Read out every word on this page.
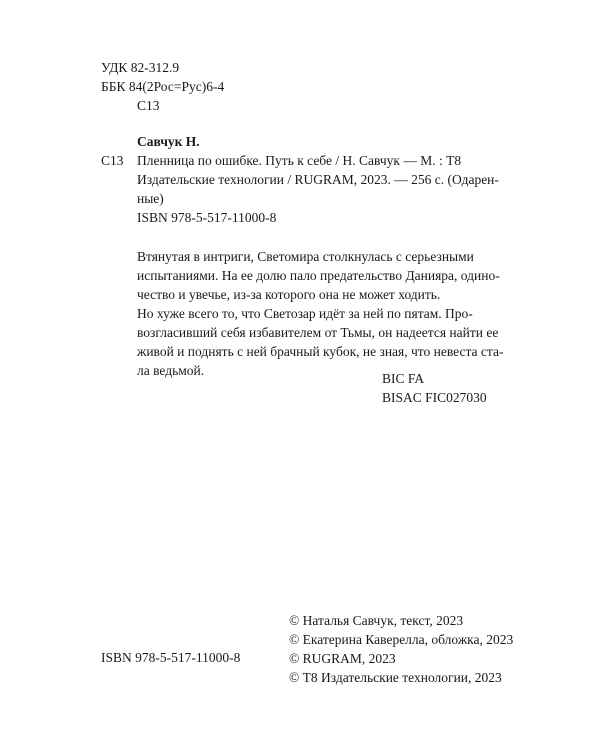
УДК 82-312.9
ББК 84(2Рос=Рус)6-4
С13
Савчук Н.
С13 Пленница по ошибке. Путь к себе / Н. Савчук — М. : Т8
Издательские технологии / RUGRAM, 2023. — 256 с. (Одарен-
ные)
ISBN 978-5-517-11000-8

Втянутая в интриги, Светомира столкнулась с серьезными
испытаниями. На ее долю пало предательство Данияра, одино-
чество и увечье, из-за которого она не может ходить.

Но хуже всего то, что Светозар идёт за ней по пятам. Про-
возгласивший себя избавителем от Тьмы, он надеется найти ее
живой и поднять с ней брачный кубок, не зная, что невеста ста-
ла ведьмой.

BIC FA
BISAC FIC027030
© Наталья Савчук, текст, 2023
© Екатерина Каверелла, обложка, 2023
© RUGRAM, 2023
© Т8 Издательские технологии, 2023
ISBN 978-5-517-11000-8
